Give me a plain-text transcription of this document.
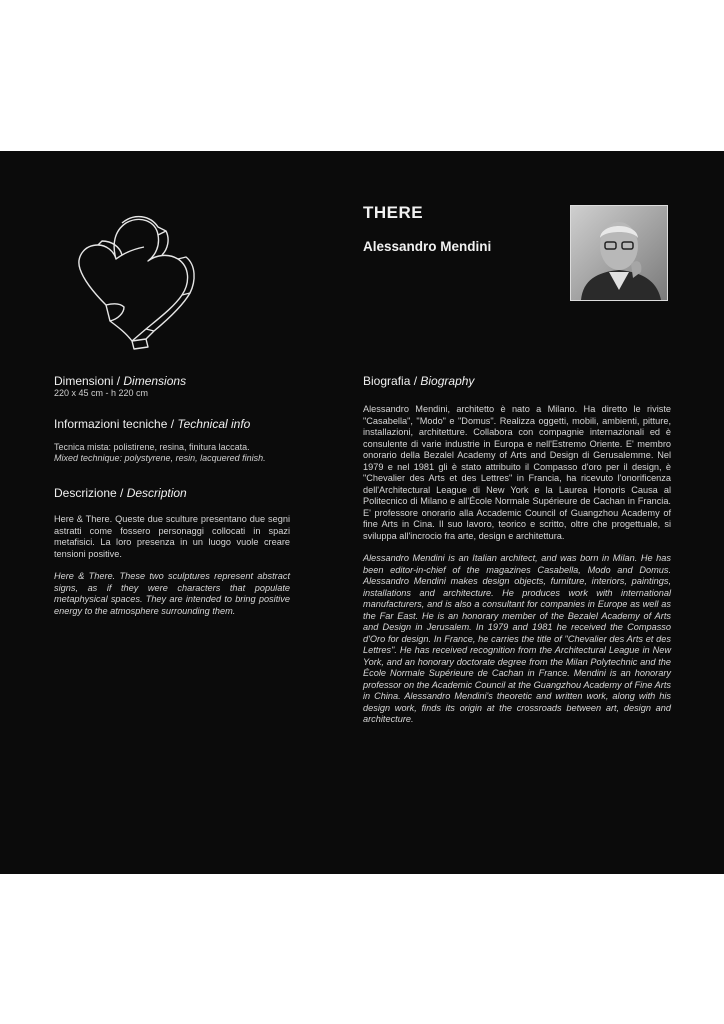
THERE
Alessandro Mendini
Dimensioni / Dimensions
220 x 45 cm - h 220 cm
Informazioni tecniche / Technical info
Tecnica mista: polistirene, resina, finitura laccata.
Mixed technique: polystyrene, resin, lacquered finish.
Descrizione / Description

Here & There. Queste due sculture presentano due segni astratti come fossero personaggi collocati in spazi metafisici. La loro presenza in un luogo vuole creare tensioni positive.

Here & There. These two sculptures represent abstract signs, as if they were characters that populate metaphysical spaces. They are intended to bring positive energy to the atmosphere surrounding them.

Biografia / Biography

Alessandro Mendini, architetto è nato a Milano. Ha diretto le riviste "Casabella", "Modo" e "Domus". Realizza oggetti, mobili, ambienti, pitture, installazioni, architetture. Collabora con compagnie internazionali ed è consulente di varie industrie in Europa e nell'Estremo Oriente. E' membro onorario della Bezalel Academy of Arts and Design di Gerusalemme. Nel 1979 e nel 1981 gli è stato attribuito il Compasso d'oro per il design, è "Chevalier des Arts et des Lettres" in Francia, ha ricevuto l'onorificenza dell'Architectural League di New York e la Laurea Honoris Causa al Politecnico di Milano e all'École Normale Supérieure de Cachan in Francia. E' professore onorario alla Accademic Council of Guangzhou Academy of fine Arts in Cina. Il suo lavoro, teorico e scritto, oltre che progettuale, si sviluppa all'incrocio fra arte, design e architettura.

Alessandro Mendini is an Italian architect, and was born in Milan. He has been editor-in-chief of the magazines Casabella, Modo and Domus. Alessandro Mendini makes design objects, furniture, interiors, paintings, installations and architecture. He produces work with international manufacturers, and is also a consultant for companies in Europe as well as the Far East. He is an honorary member of the Bezalel Academy of Arts and Design in Jerusalem. In 1979 and 1981 he received the Compasso d'Oro for design. In France, he carries the title of "Chevalier des Arts et des Lettres". He has received recognition from the Architectural League in New York, and an honorary doctorate degree from the Milan Polytechnic and the École Normale Supérieure de Cachan in France. Mendini is an honorary professor on the Academic Council at the Guangzhou Academy of Fine Arts in China. Alessandro Mendini's theoretic and written work, along with his design work, finds its origin at the crossroads between art, design and architecture.
